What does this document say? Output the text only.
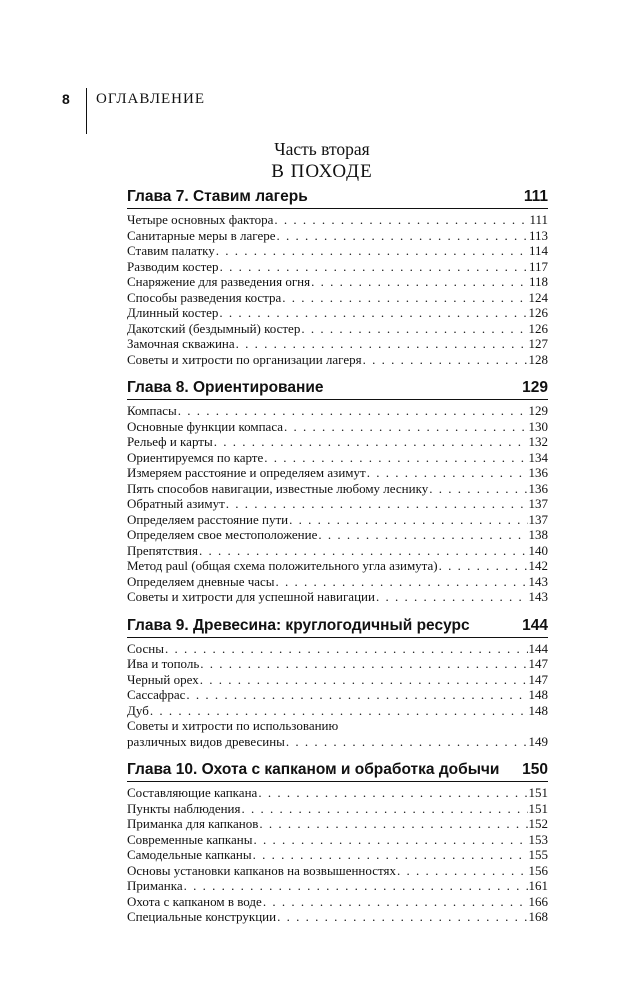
8 ОГЛАВЛЕНИЕ
Часть вторая
В ПОХОДЕ
Глава 7. Ставим лагерь	111
Четыре основных фактора . . .	111
Санитарные меры в лагере . . .	113
Ставим палатку . . .	114
Разводим костер . . .	117
Снаряжение для разведения огня . . .	118
Способы разведения костра . . .	124
Длинный костер . . .	126
Дакотский (бездымный) костер . . .	126
Замочная скважина . . .	127
Советы и хитрости по организации лагеря . . .	128
Глава 8. Ориентирование	129
Компасы . . .	129
Основные функции компаса . . .	130
Рельеф и карты . . .	132
Ориентируемся по карте . . .	134
Измеряем расстояние и определяем азимут . . .	136
Пять способов навигации, известные любому леснику . . .	136
Обратный азимут . . .	137
Определяем расстояние пути . . .	137
Определяем свое местоположение . . .	138
Препятствия . . .	140
Метод paul (общая схема положительного угла азимута) . . .	142
Определяем дневные часы . . .	143
Советы и хитрости для успешной навигации . . .	143
Глава 9. Древесина: круглогодичный ресурс	144
Сосны . . .	144
Ива и тополь . . .	147
Черный орех . . .	147
Сассафрас . . .	148
Дуб . . .	148
Советы и хитрости по использованию
различных видов древесины . . .	149
Глава 10. Охота с капканом и обработка добычи 150
Составляющие капкана . . .	151
Пункты наблюдения . . .	151
Приманка для капканов . . .	152
Современные капканы . . .	153
Самодельные капканы . . .	155
Основы установки капканов на возвышенностях . . .	156
Приманка . . .	161
Охота с капканом в воде . . .	166
Специальные конструкции . . .	168
